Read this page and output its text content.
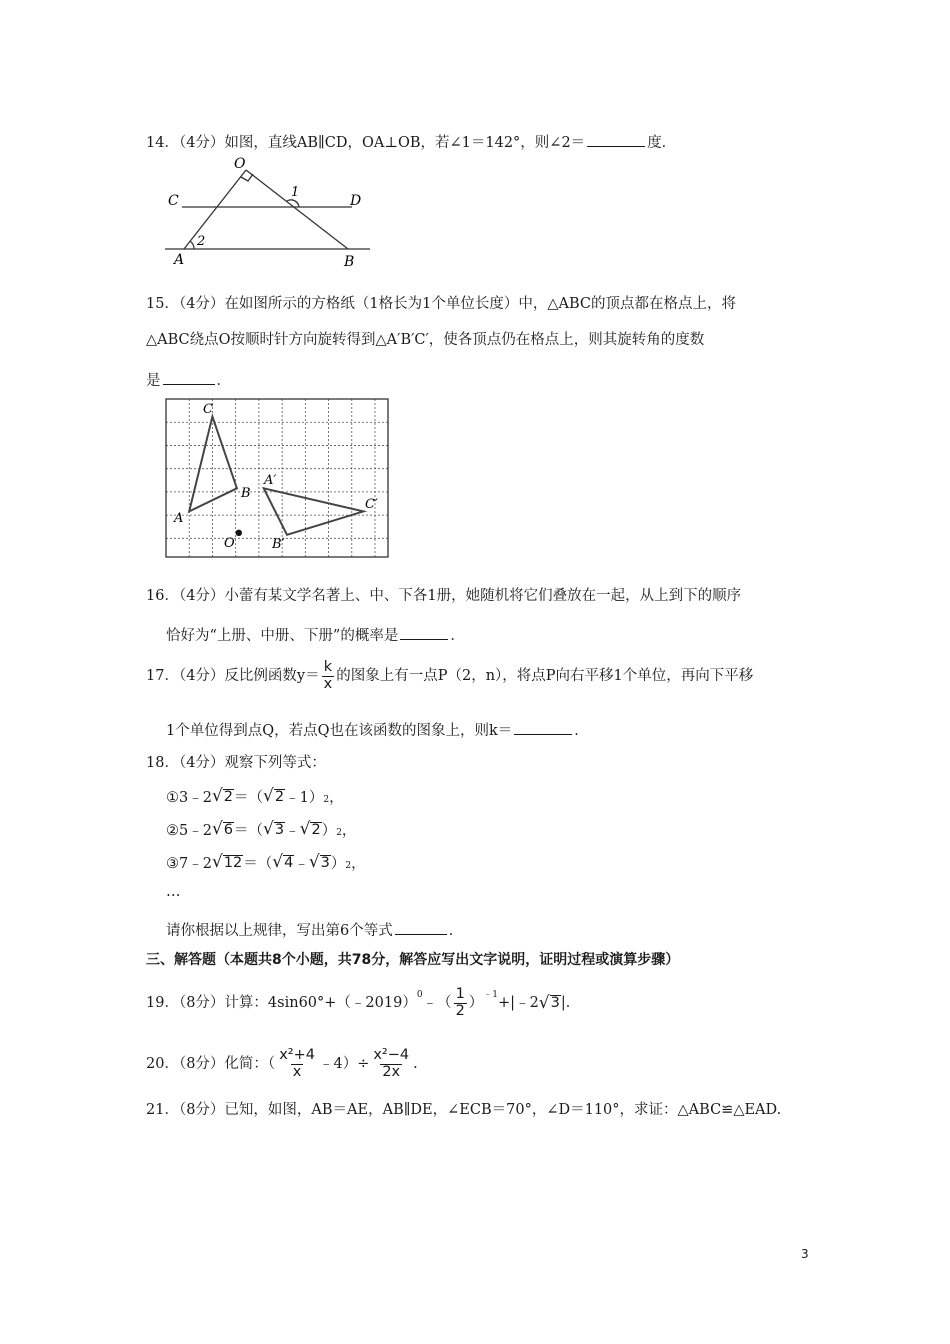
14．（4分）如图，直线AB∥CD，OA⊥OB，若∠1＝142°，则∠2＝	度．
O
C	D
A	B
1
2
15．（4分）在如图所示的方格纸（1格长为1个单位长度）中，△ABC的顶点都在格点上，将
△ABC绕点O按顺时针方向旋转得到△A′B′C′，使各顶点仍在格点上，则其旋转角的度数
是	．
C
A
B
O
A′
B′
C′
16．（4分）小蕾有某文学名著上、中、下各1册，她随机将它们叠放在一起，从上到下的顺序
恰好为“上册、中册、下册”的概率是	．
17．（4分）反比例函数$y= \frac{k}{x}$ 的图象上有一点P（2，n），将点P向右平移1个单位，再向下平移
1个单位得到点Q，若点Q也在该函数的图象上，则k＝	．
18．（4分）观察下列等式：
①3﹣2 √ 2 ＝（ √ 2 ﹣1） 2 ，
②5﹣2 √ 6 ＝（ √ 3 ﹣ √ 2 ） 2 ，
③7﹣2 √ 12 ＝（ √ 4 ﹣ √ 3 ） 2 ，
…
请你根据以上规律，写出第6个等式	．
三、解答题（本题共8个小题，共78分，解答应写出文字说明，证明过程或演算步骤）
19．（8分）计算：4sin60°+（﹣2019）$^0$ ﹣（ $\frac{1}{2} )^{﹣1}$ +|﹣2 √ 3 |．
20．（8分）化简：（ $\frac{\text{x²+4}}{x}$ ﹣4）÷ $\frac{\text{x²−4}}{2x}$ .
21．（8分）已知，如图，AB＝AE，AB∥DE，∠ECB＝70°，∠D＝110°，求证：△ABC≌△EAD.
3
